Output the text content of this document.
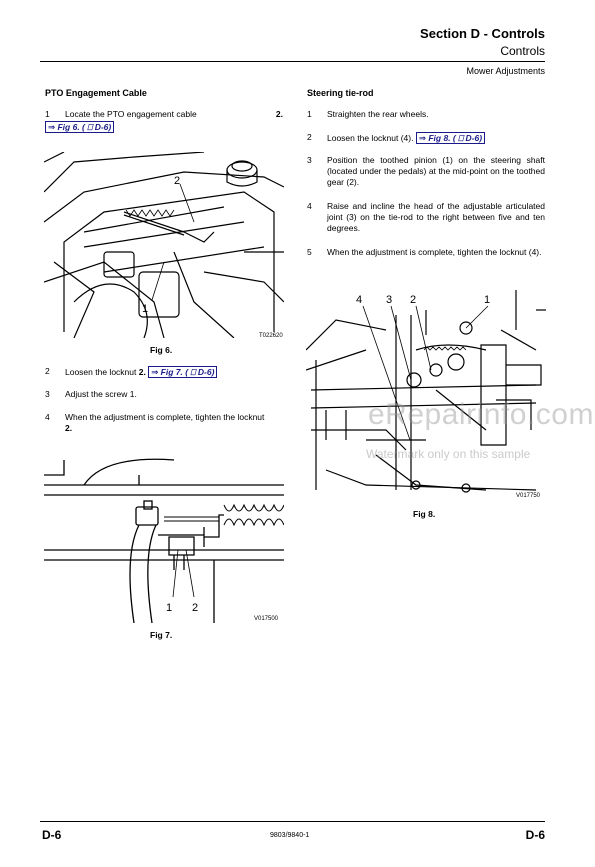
Section D - Controls
Controls
Mower Adjustments
PTO Engagement Cable
1 Locate the PTO engagement cable	2.
⇒ Fig 6. ( ⎕ D-6)
2
1
T022620
Fig 6.
2 Loosen the locknut 2. ⇒ Fig 7. ( ⎕ D-6)
3 Adjust the screw 1.
4 When the adjustment is complete, tighten the locknut
2.
1 2
V017500
Fig 7.
Steering tie-rod
1 Straighten the rear wheels.
2 Loosen the locknut (4). ⇒ Fig 8. ( ⎕ D-6)
3 Position the toothed pinion (1) on the steering shaft (located under the pedals) at the mid-point on the toothed gear (2).
4 Raise and incline the head of the adjustable articulated joint (3) on the tie-rod to the right between five and ten degrees.
5 When the adjustment is complete, tighten the locknut (4).
4 3 2	1
V017750
Fig 8.
eRepairinfo.com
Watermark only on this sample
D-6	9803/9840-1	D-6
